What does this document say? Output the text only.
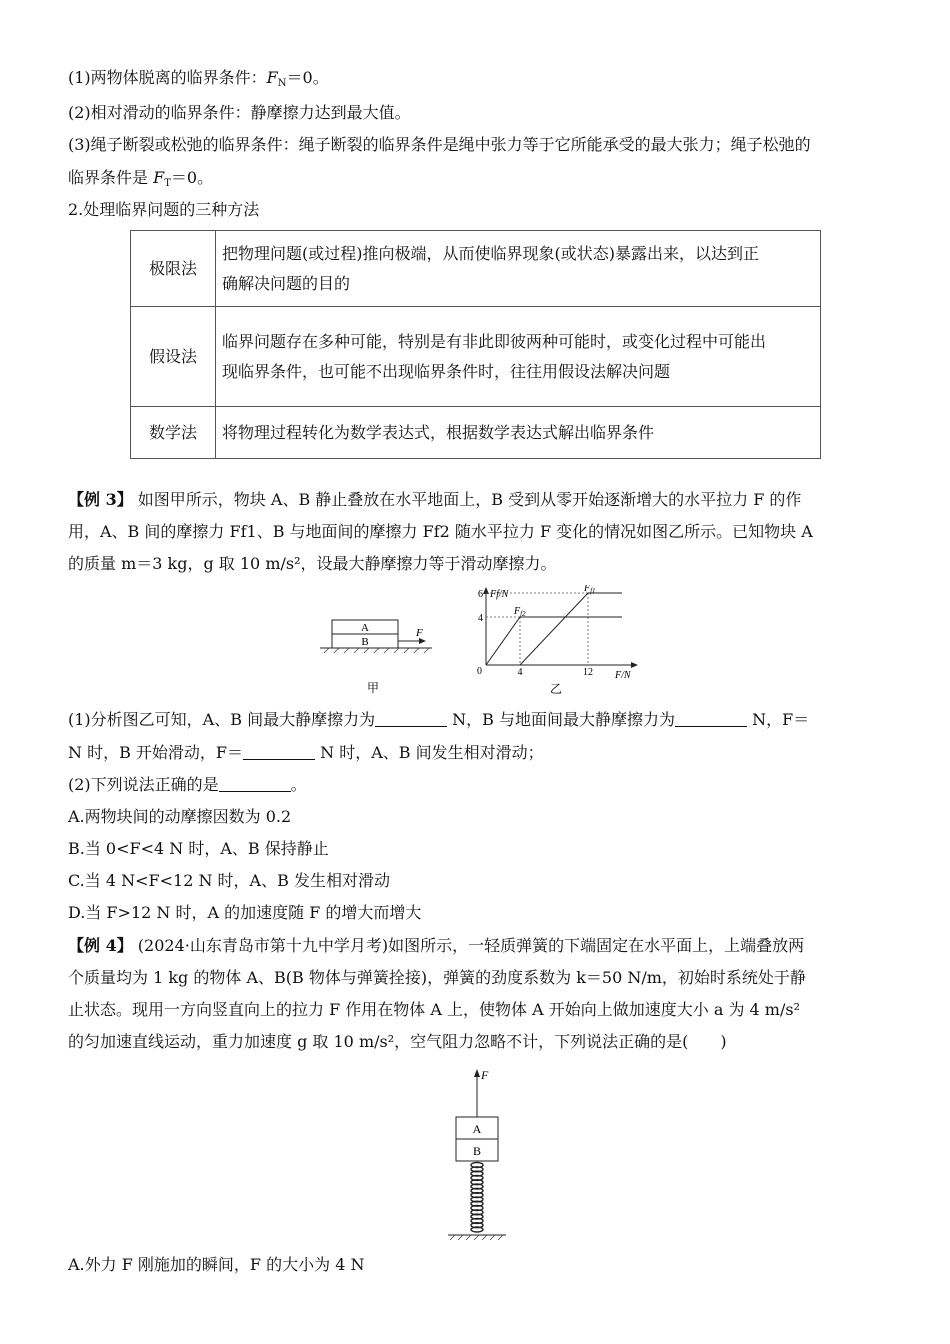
(1)两物体脱离的临界条件：$F_N=0$。
(2)相对滑动的临界条件：静摩擦力达到最大值。
(3)绳子断裂或松弛的临界条件：绳子断裂的临界条件是绳中张力等于它所能承受的最大张力；绳子松弛的
临界条件是 $F_T=0$。
2.处理临界问题的三种方法
极限法	把物理问题(或过程)推向极端，从而使临界现象(或状态)暴露出来，以达到正
确解决问题的目的

假设法	临界问题存在多种可能，特别是有非此即彼两种可能时，或变化过程中可能出
现临界条件，也可能不出现临界条件时，往往用假设法解决问题

数学法	将物理过程转化为数学表达式，根据数学表达式解出临界条件
【例 3】 如图甲所示，物块 A、B 静止叠放在水平地面上，B 受到从零开始逐渐增大的水平拉力 F 的作
用，A、B 间的摩擦力 Ff1、B 与地面间的摩擦力 Ff2 随水平拉力 F 变化的情况如图乙所示。已知物块 A
的质量 m＝3 kg，g 取 10 m/s²，设最大静摩擦力等于滑动摩擦力。
A
B
F
甲
Ff/N
F/N
0
4
6
4	12
$F_{f1}$
$F_{f2}$
乙
(1)分析图乙可知，A、B 间最大静摩擦力为	N，B 与地面间最大静摩擦力为	N，F＝
N 时，B 开始滑动，F＝	N 时，A、B 间发生相对滑动；
(2)下列说法正确的是	。
A.两物块间的动摩擦因数为 0.2
B.当 0<F<4 N 时，A、B 保持静止
C.当 4 N<F<12 N 时，A、B 发生相对滑动
D.当 F>12 N 时，A 的加速度随 F 的增大而增大
【例 4】 (2024·山东青岛市第十九中学月考)如图所示，一轻质弹簧的下端固定在水平面上，上端叠放两
个质量均为 1 kg 的物体 A、B(B 物体与弹簧拴接)，弹簧的劲度系数为 k＝50 N/m，初始时系统处于静
止状态。现用一方向竖直向上的拉力 F 作用在物体 A 上，使物体 A 开始向上做加速度大小 a 为 4 m/s²
的匀加速直线运动，重力加速度 g 取 10 m/s²，空气阻力忽略不计，下列说法正确的是(　　)
F
A
B
A.外力 F 刚施加的瞬间，F 的大小为 4 N
